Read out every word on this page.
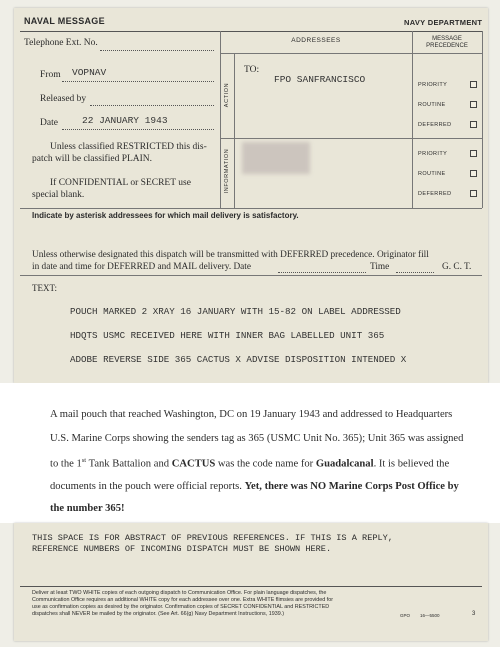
NAVAL MESSAGE	NAVY DEPARTMENT
Telephone Ext. No.
From VOPNAV
Released by
Date	22 JANUARY 1943
Unless classified RESTRICTED this dis-
patch will be classified PLAIN.
If CONFIDENTIAL or SECRET use
special blank.
ADDRESSEES	MESSAGE PRECEDENCE
ACTION
INFORMATION
TO:
FPO SANFRANCISCO	PRIORITY
ROUTINE
DEFERRED
PRIORITY
ROUTINE
DEFERRED
Indicate by asterisk addressees for which mail delivery is satisfactory.
Unless otherwise designated this dispatch will be transmitted with DEFERRED precedence. Originator fill
in date and time for DEFERRED and MAIL delivery. Date	Time	G. C. T.
TEXT:
POUCH MARKED 2 XRAY 16 JANUARY WITH 15-82 ON LABEL ADDRESSED
HDQTS USMC RECEIVED HERE WITH INNER BAG LABELLED UNIT 365
ADOBE REVERSE SIDE 365 CACTUS X ADVISE DISPOSITION INTENDED X

A mail pouch that reached Washington, DC on 19 January 1943 and addressed to Headquarters

U.S. Marine Corps showing the senders tag as 365 (USMC Unit No. 365); Unit 365 was assigned

to the 1st Tank Battalion and CACTUS was the code name for Guadalcanal. It is believed the

documents in the pouch were official reports. Yet, there was NO Marine Corps Post Office by

the number 365!

THIS SPACE IS FOR ABSTRACT OF PREVIOUS REFERENCES. IF THIS IS A REPLY,
REFERENCE NUMBERS OF INCOMING DISPATCH MUST BE SHOWN HERE.
Deliver at least TWO WHITE copies of each outgoing dispatch to Communication Office. For plain language dispatches, the
Communication Office requires an additional WHITE copy for each addressee over one. Extra WHITE flimsies are provided for
use as confirmation copies as desired by the originator. Confirmation copies of SECRET CONFIDENTIAL and RESTRICTED
dispatches shall NEVER be mailed by the originator. (See Art. 66(g) Navy Department Instructions, 1939.)	GPO 16—5500	3
